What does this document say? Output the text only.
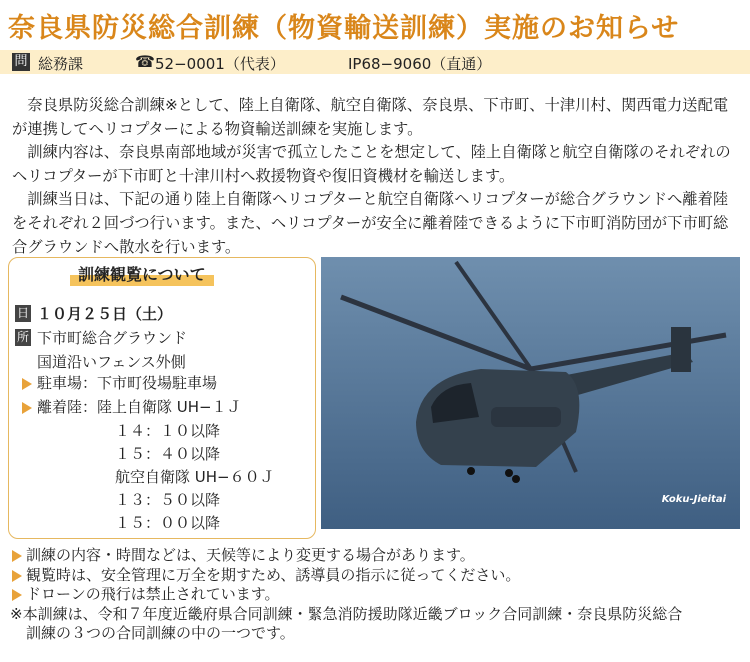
奈良県防災総合訓練（物資輸送訓練）実施のお知らせ
問 総務課	☎ 52−0001（代表）	IP68−9060（直通）

奈良県防災総合訓練※として、陸上自衛隊、航空自衛隊、奈良県、下市町、十津川村、関西電力送配電が連携してヘリコプターによる物資輸送訓練を実施します。

訓練内容は、奈良県南部地域が災害で孤立したことを想定して、陸上自衛隊と航空自衛隊のそれぞれのヘリコプターが下市町と十津川村へ救援物資や復旧資機材を輸送します。

訓練当日は、下記の通り陸上自衛隊ヘリコプターと航空自衛隊ヘリコプターが総合グラウンドへ離着陸をそれぞれ２回づつ行います。また、ヘリコプターが安全に離着陸できるように下市町消防団が下市町総合グラウンドへ散水を行います。

訓練観覧について
日 １０月２５日（土）
所 下市町総合グラウンド
国道沿いフェンス外側
駐車場：下市町役場駐車場
離着陸：陸上自衛隊 UH−１Ｊ
１４：１０以降
１５：４０以降
航空自衛隊 UH−６０Ｊ
１３：５０以降
１５：００以降
Koku-Jieitai
訓練の内容・時間などは、天候等により変更する場合があります。
観覧時は、安全管理に万全を期すため、誘導員の指示に従ってください。
ドローンの飛行は禁止されています。
※本訓練は、令和７年度近畿府県合同訓練・緊急消防援助隊近畿ブロック合同訓練・奈良県防災総合
訓練の３つの合同訓練の中の一つです。
